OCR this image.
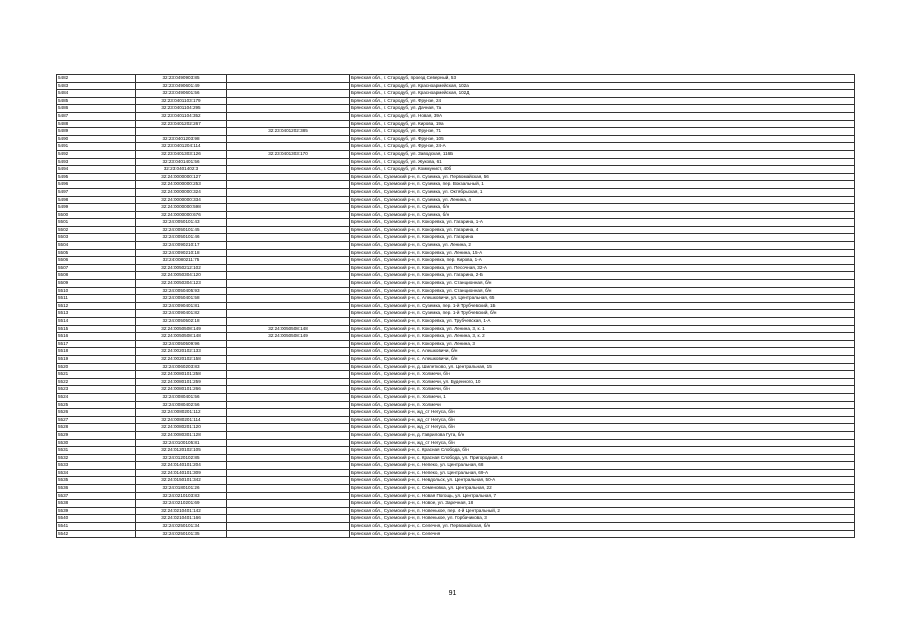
5482	32:23:0490903:85		Брянская обл., г. Стародуб, проезд Северный, 53
5483	32:23:0490601:49		Брянская обл., г. Стародуб, ул. Красноармейская, 102а
5484	32:23:0490601:56		Брянская обл., г. Стародуб, ул. Красноармейская, 102Д
5485	32:23:0401103:179		Брянская обл., г. Стародуб, ул. Фрунзе, 24
5486	32:23:0401104:295		Брянская обл., г. Стародуб, ул. Дачная, 7а
5487	32:23:0401104:352		Брянская обл., г. Стародуб, ул. Новая, 39А
5488	32:23:0401202:267		Брянская обл., г. Стародуб, ул. Кирова, 19а
5489		32:23:0401202:385	Брянская обл., г. Стародуб, ул. Фрунзе, 71
5490	32:23:0401203:98		Брянская обл., г. Стародуб, ул. Фрунзе, 105
5491	32:23:0401204:114		Брянская обл., г. Стародуб, ул. Фрунзе, 24-А
5492	32:23:0401303:126	32:23:0401303:170	Брянская обл., г. Стародуб, ул. Заводская, 116Б
5493	32:23:0401401:56		Брянская обл., г. Стародуб, ул. Жукова, 61
5494	32:23:0401402:3		Брянская обл., г. Стародуб, ул. Коммунист, 40б
5495	32:24:0000000:127		Брянская обл., Суземский р-н, п. Суземка, ул. Первомайская, 56
5496	32:24:0000000:253		Брянская обл., Суземский р-н, п. Суземка, пер. Вокзальный, 1
5497	32:24:0000000:324		Брянская обл., Суземский р-н, п. Суземка, ул. Октябрьская, 1
5498	32:24:0000000:334		Брянская обл., Суземский р-н, п. Суземка, ул. Ленина, 4
5499	32:24:0000000:598		Брянская обл., Суземский р-н, п. Суземка, б/н
5500	32:24:0000000:676		Брянская обл., Суземский р-н, п. Суземка, б/н
5501	32:24:0050101:43		Брянская обл., Суземский р-н, п. Кокоревка, ул. Гагарина, 1-А
5502	32:24:0050101:45		Брянская обл., Суземский р-н, п. Кокоревка, ул. Гагарина, 4
5503	32:24:0050101:46		Брянская обл., Суземский р-н, п. Кокоревка, ул. Гагарина
5504	32:24:0090210:17		Брянская обл., Суземский р-н, п. Суземка, ул. Ленина, 2
5505	32:24:0090210:18		Брянская обл., Суземский р-н, п. Кокоревка, ул. Ленина, 15-А
5506	32:24:0080211:75		Брянская обл., Суземский р-н, п. Кокоревка, пер. Кирова, 1-А
5507	32:24:0050212:102		Брянская обл., Суземский р-н, п. Кокоревка, ул. Песочная, 32-А
5508	32:24:0050304:120		Брянская обл., Суземский р-н, п. Кокоревка, ул. Гагарина, 2-Б
5509	32:24:0050304:123		Брянская обл., Суземский р-н, п. Кокоревка, ул. Станционная, б/н
5510	32:24:0050405:93		Брянская обл., Суземский р-н, п. Кокоревка, ул. Станционная, б/н
5511	32:24:0050401:58		Брянская обл., Суземский р-н, с. Алешковичи, ул. Центральная, 65
5512	32:24:0090401:81		Брянская обл., Суземский р-н, п. Суземка, пер. 1-й Трубчевский, 1Б
5513	32:24:0090401:82		Брянская обл., Суземский р-н, п. Суземка, пер. 1-й Трубчевский, б/н
5514	32:24:0050502:18		Брянская обл., Суземский р-н, п. Кокоревка, ул. Трубчевская, 1-А
5515	32:24:0050508:149	32:24:0050508:148	Брянская обл., Суземский р-н, п. Кокоревка, ул. Ленина, 3, к. 1
5516	32:24:0050508:148	32:24:0050508:149	Брянская обл., Суземский р-н, п. Кокоревка, ул. Ленина, 3, к. 2
5517	32:24:0050509:96		Брянская обл., Суземский р-н, п. Кокоревка, ул. Ленина, 3
5518	32:24:0020102:133		Брянская обл., Суземский р-н, с. Алешковичи, б/н
5519	32:24:0020102:158		Брянская обл., Суземский р-н, с. Алешковичи, б/н
5520	32:24:0060203:83		Брянская обл., Суземский р-н, д. Шилетково, ул. Центральная, 15
5521	32:24:0080101:258		Брянская обл., Суземский р-н, п. Холмечи, б/н
5522	32:24:0080101:259		Брянская обл., Суземский р-н, п. Холмечи, ул. Буденного, 10
5523	32:24:0080101:266		Брянская обл., Суземский р-н, п. Холмечи, б/н
5524	32:24:0080401:56		Брянская обл., Суземский р-н, п. Холмечи, 1
5525	32:24:0080402:56		Брянская обл., Суземский р-н, п. Холмечи
5526	32:24:0080201:112		Брянская обл., Суземский р-н, жд_ст Негуса, б/н
5527	32:24:0080201:114		Брянская обл., Суземский р-н, жд_ст Негуса, б/н
5528	32:24:0080201:120		Брянская обл., Суземский р-н, жд_ст Негуса, б/н
5529	32:24:0080301:128		Брянская обл., Суземский р-н, д. Гавриловa Гута, б/н
5530	32:24:0100105:81		Брянская обл., Суземский р-н, жд_ст Негуса, б/н
5531	32:24:0120102:105		Брянская обл., Суземский р-н, с. Красная Слобода, б/н
5532	32:24:0120102:85		Брянская обл., Суземский р-н, с. Красная Слобода, ул. Пригородная, 4
5533	32:24:0140101:204		Брянская обл., Суземский р-н, с. Непеко, ул. Центральная, 68
5534	32:24:0140101:309		Брянская обл., Суземский р-н, с. Непеко, ул. Центральная, 69-А
5535	32:24:0150101:342		Брянская обл., Суземский р-н, с. Невдольск, ул. Центральная, 50-А
5536	32:24:0180101:26		Брянская обл., Суземский р-н, с. Семеновка, ул. Центральная, 22
5537	32:24:0210103:83		Брянская обл., Суземский р-н, с. Новая Погощь, ул. Центральная, 7
5538	32:24:0210201:69		Брянская обл., Суземский р-н, с. Новое, ул. Заречная, 18
5539	32:24:0210401:142		Брянская обл., Суземский р-н, п. Новенькое, пер. 4-й Центральный, 2
5540	32:24:0210401:166		Брянская обл., Суземский р-н, п. Новенькое, ул. Горбачикова, 3
5541	32:24:0250101:34		Брянская обл., Суземский р-н, с. Селечня, ул. Первомайская, б/н
5542	32:24:0250101:35		Брянская обл., Суземский р-н, с. Селечня
91
